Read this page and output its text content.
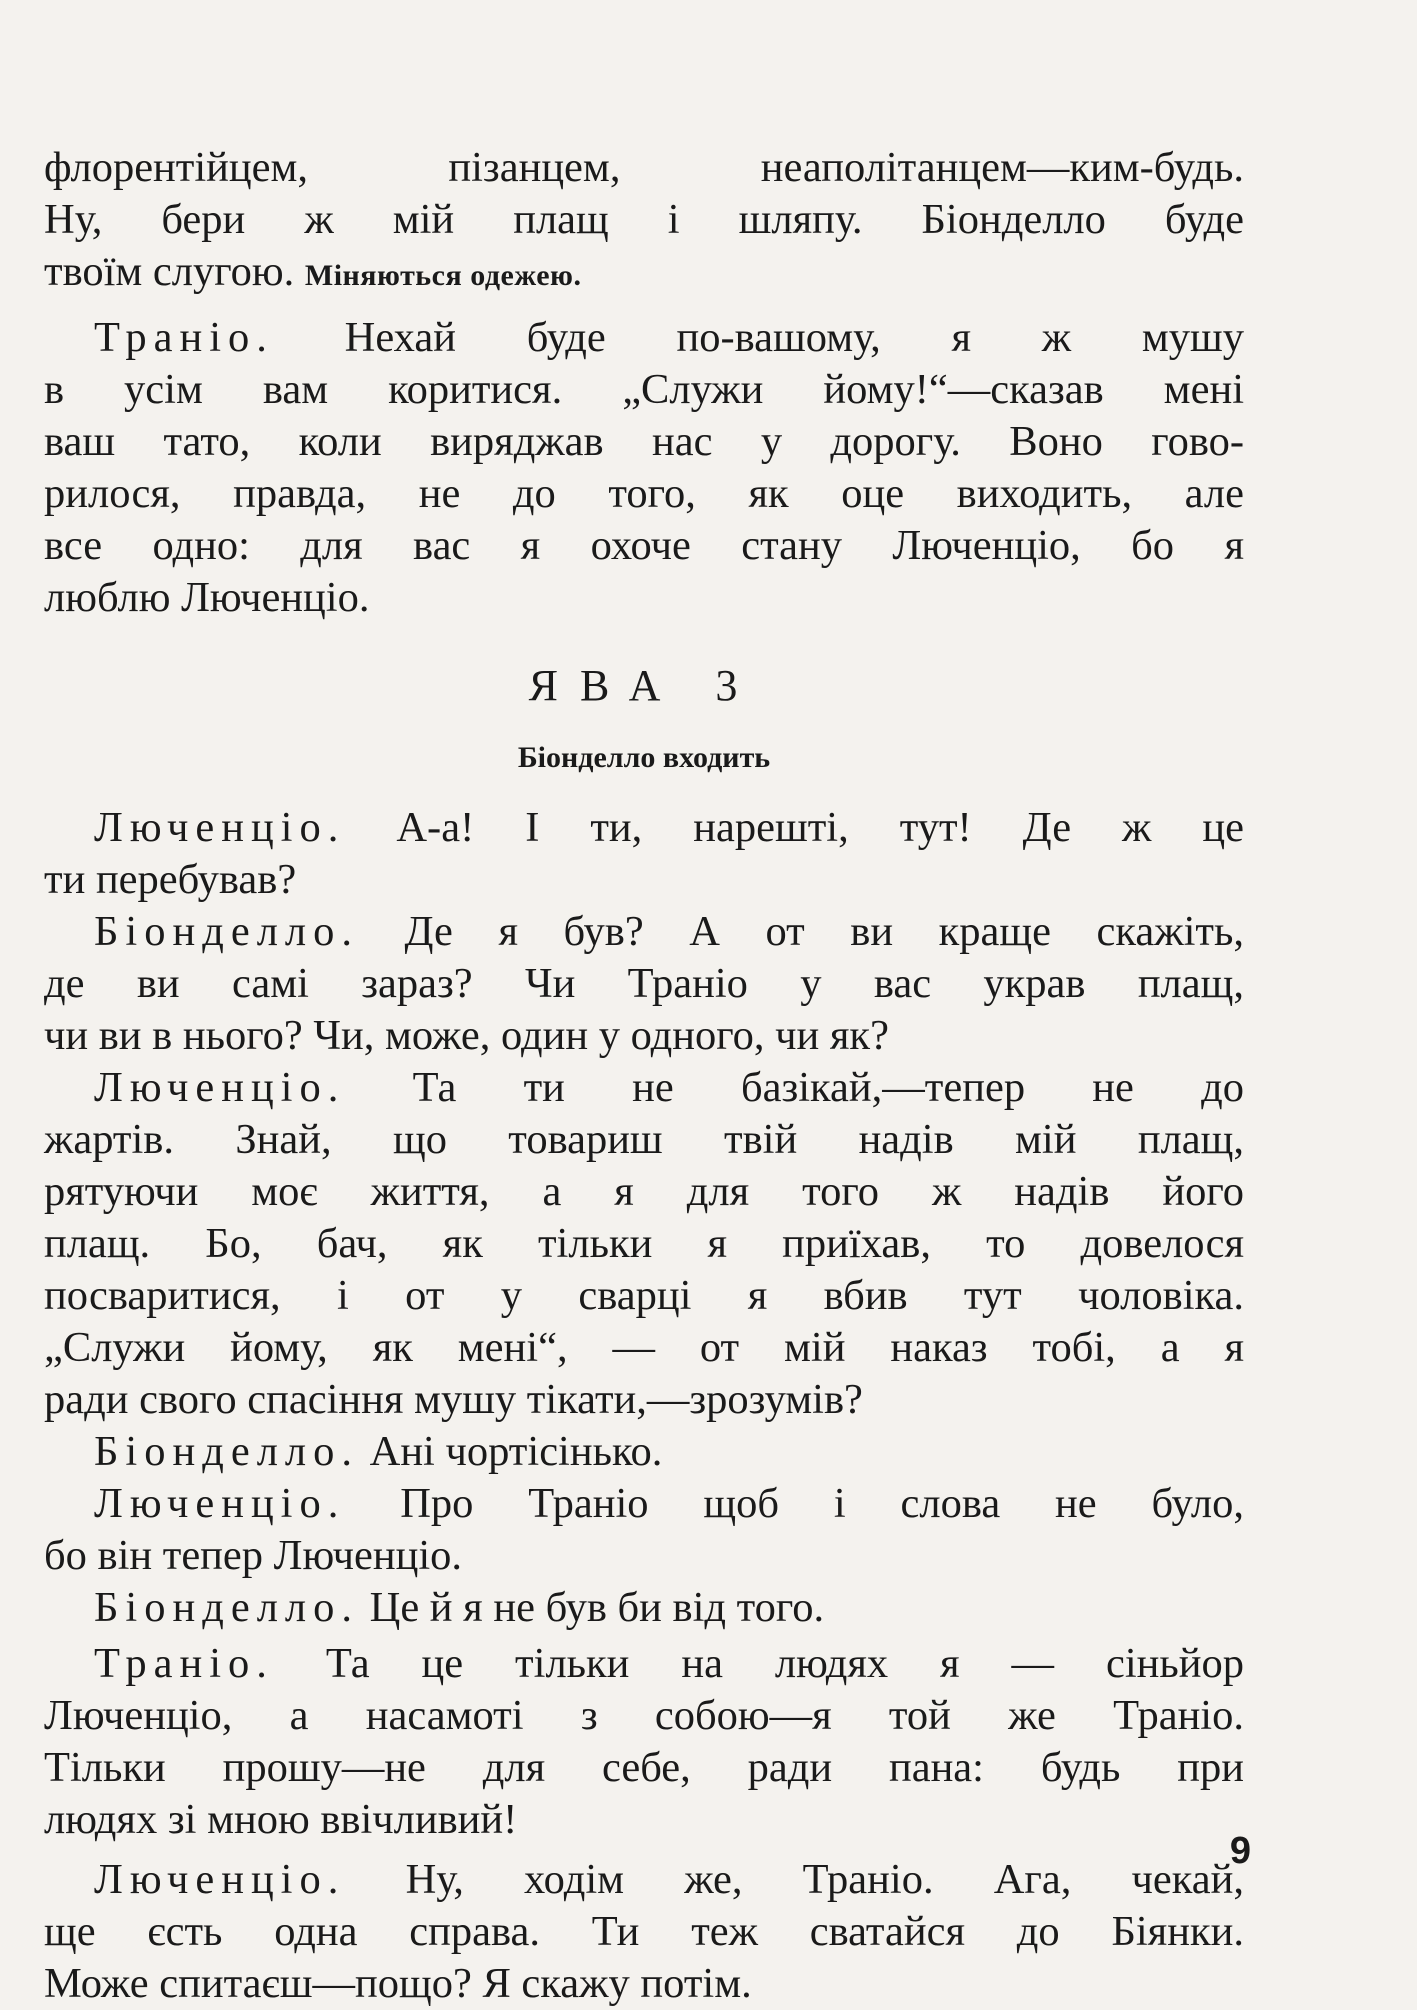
флорентійцем, пізанцем, неаполітанцем—ким-будь.
Ну, бери ж мій плащ і шляпу. Біонделло буде
твоїм слугою. Міняються одежею.

Траніо. Нехай буде по-вашому, я ж мушу
в усім вам коритися. „Служи йому!“—сказав мені
ваш тато, коли виряджав нас у дорогу. Воно гово-
рилося, правда, не до того, як оце виходить, але
все одно: для вас я охоче стану Люченціо, бо я
люблю Люченціо.

ЯВА 3
Біонделло входить

Люченціо. А-а! І ти, нарешті, тут! Де ж це
ти перебував?

Біонделло. Де я був? А от ви краще скажіть,
де ви самі зараз? Чи Траніо у вас украв плащ,
чи ви в нього? Чи, може, один у одного, чи як?

Люченціо. Та ти не базікай,—тепер не до
жартів. Знай, що товариш твій надів мій плащ,
рятуючи моє життя, а я для того ж надів його
плащ. Бо, бач, як тільки я приїхав, то довелося
посваритися, і от у сварці я вбив тут чоловіка.
„Служи йому, як мені“, — от мій наказ тобі, а я
ради свого спасіння мушу тікати,—зрозумів?

Біонделло. Ані чортісінько.

Люченціо. Про Траніо щоб і слова не було,
бо він тепер Люченціо.

Біонделло. Це й я не був би від того.

Траніо. Та це тільки на людях я — сіньйор
Люченціо, а насамоті з собою—я той же Траніо.
Тільки прошу—не для себе, ради пана: будь при
людях зі мною ввічливий!

Люченціо. Ну, ходім же, Траніо. Ага, чекай,
ще єсть одна справа. Ти теж сватайся до Біянки.
Може спитаєш—пощо? Я скажу потім.

9
